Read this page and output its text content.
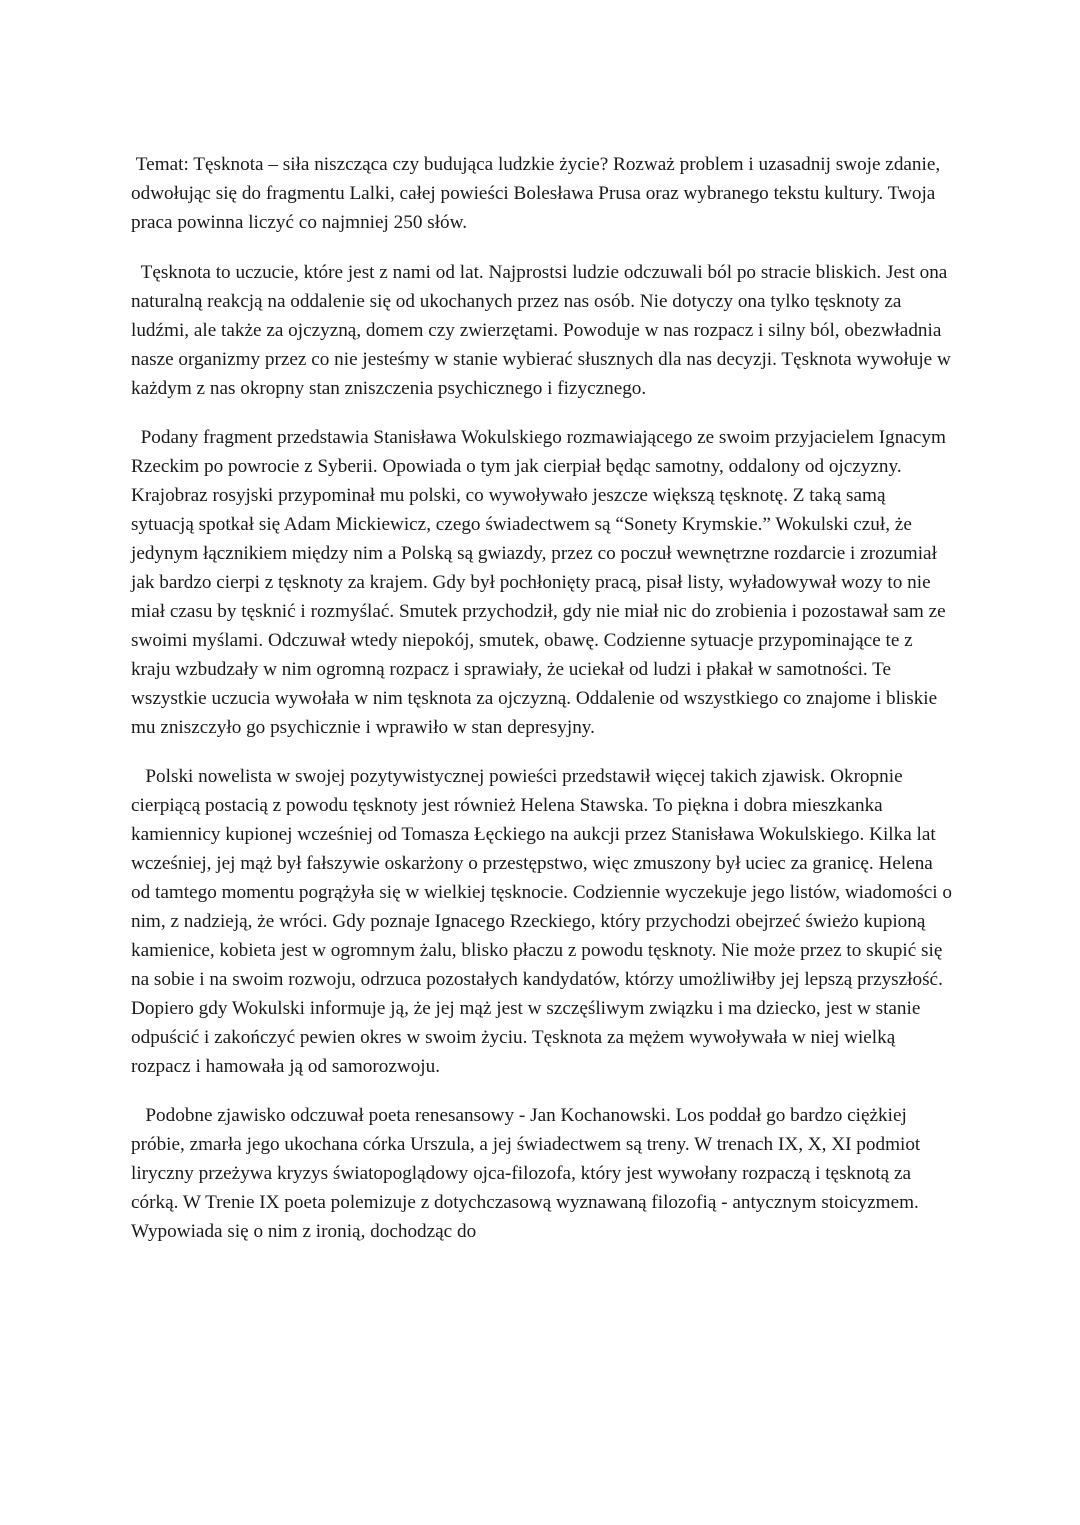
Temat: Tęsknota – siła niszcząca czy budująca ludzkie życie? Rozważ problem i uzasadnij swoje zdanie, odwołując się do fragmentu Lalki, całej powieści Bolesława Prusa oraz wybranego tekstu kultury. Twoja praca powinna liczyć co najmniej 250 słów.

Tęsknota to uczucie, które jest z nami od lat. Najprostsi ludzie odczuwali ból po stracie bliskich. Jest ona naturalną reakcją na oddalenie się od ukochanych przez nas osób. Nie dotyczy ona tylko tęsknoty za ludźmi, ale także za ojczyzną, domem czy zwierzętami. Powoduje w nas rozpacz i silny ból, obezwładnia nasze organizmy przez co nie jesteśmy w stanie wybierać słusznych dla nas decyzji. Tęsknota wywołuje w każdym z nas okropny stan zniszczenia psychicznego i fizycznego.

Podany fragment przedstawia Stanisława Wokulskiego rozmawiającego ze swoim przyjacielem Ignacym Rzeckim po powrocie z Syberii. Opowiada o tym jak cierpiał będąc samotny, oddalony od ojczyzny. Krajobraz rosyjski przypominał mu polski, co wywoływało jeszcze większą tęsknotę. Z taką samą sytuacją spotkał się Adam Mickiewicz, czego świadectwem są “Sonety Krymskie.” Wokulski czuł, że jedynym łącznikiem między nim a Polską są gwiazdy, przez co poczuł wewnętrzne rozdarcie i zrozumiał jak bardzo cierpi z tęsknoty za krajem. Gdy był pochłonięty pracą, pisał listy, wyładowywał wozy to nie miał czasu by tęsknić i rozmyślać. Smutek przychodził, gdy nie miał nic do zrobienia i pozostawał sam ze swoimi myślami. Odczuwał wtedy niepokój, smutek, obawę. Codzienne sytuacje przypominające te z kraju wzbudzały w nim ogromną rozpacz i sprawiały, że uciekał od ludzi i płakał w samotności. Te wszystkie uczucia wywołała w nim tęsknota za ojczyzną. Oddalenie od wszystkiego co znajome i bliskie mu zniszczyło go psychicznie i wprawiło w stan depresyjny.

Polski nowelista w swojej pozytywistycznej powieści przedstawił więcej takich zjawisk. Okropnie cierpiącą postacią z powodu tęsknoty jest również Helena Stawska. To piękna i dobra mieszkanka kamiennicy kupionej wcześniej od Tomasza Łęckiego na aukcji przez Stanisława Wokulskiego. Kilka lat wcześniej, jej mąż był fałszywie oskarżony o przestępstwo, więc zmuszony był uciec za granicę. Helena od tamtego momentu pogrążyła się w wielkiej tęsknocie. Codziennie wyczekuje jego listów, wiadomości o nim, z nadzieją, że wróci. Gdy poznaje Ignacego Rzeckiego, który przychodzi obejrzeć świeżo kupioną kamienice, kobieta jest w ogromnym żalu, blisko płaczu z powodu tęsknoty. Nie może przez to skupić się na sobie i na swoim rozwoju, odrzuca pozostałych kandydatów, którzy umożliwiłby jej lepszą przyszłość. Dopiero gdy Wokulski informuje ją, że jej mąż jest w szczęśliwym związku i ma dziecko, jest w stanie odpuścić i zakończyć pewien okres w swoim życiu. Tęsknota za mężem wywoływała w niej wielką rozpacz i hamowała ją od samorozwoju.

Podobne zjawisko odczuwał poeta renesansowy - Jan Kochanowski. Los poddał go bardzo ciężkiej próbie, zmarła jego ukochana córka Urszula, a jej świadectwem są treny. W trenach IX, X, XI podmiot liryczny przeżywa kryzys światopoglądowy ojca-filozofa, który jest wywołany rozpaczą i tęsknotą za córką. W Trenie IX poeta polemizuje z dotychczasową wyznawaną filozofią - antycznym stoicyzmem. Wypowiada się o nim z ironią, dochodząc do
